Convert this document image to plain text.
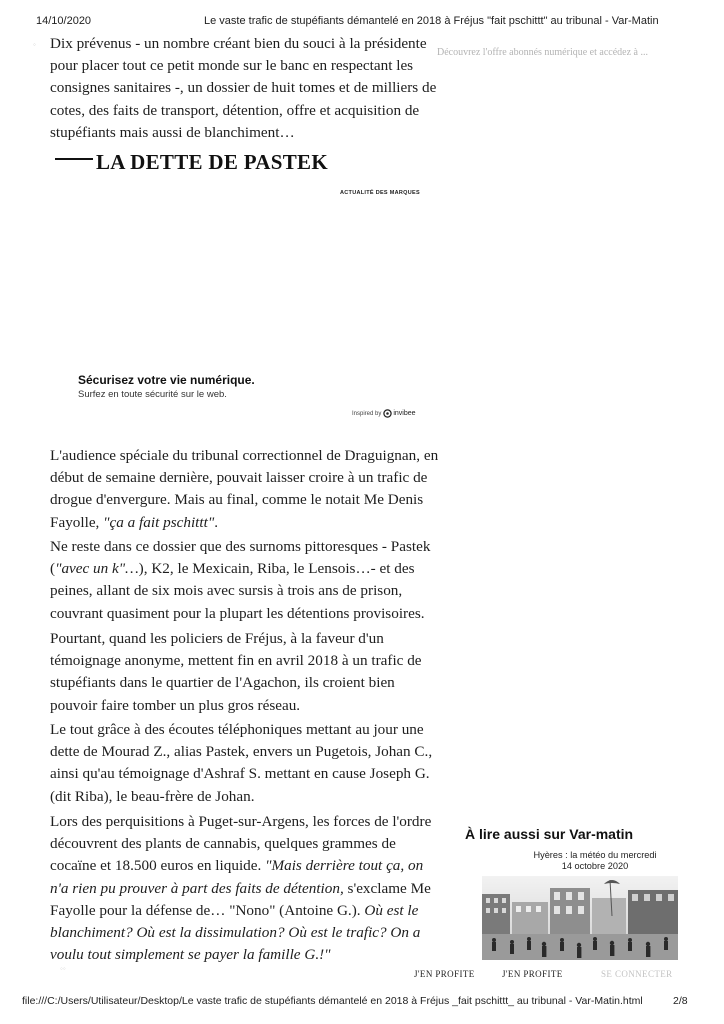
14/10/2020	Le vaste trafic de stupéfiants démantelé en 2018 à Fréjus "fait pschittt" au tribunal - Var-Matin
Découvrez l'offre abonnés numérique et accédez à ...
◦ Dix prévenus - un nombre créant bien du souci à la présidente pour placer tout ce petit monde sur le banc en respectant les consignes sanitaires -, un dossier de huit tomes et de milliers de cotes, des faits de transport, détention, offre et acquisition de stupéfiants mais aussi de blanchiment…
LA DETTE DE PASTEK
ACTUALITÉ DES MARQUES
Sécurisez votre vie numérique.
Surfez en toute sécurité sur le web.
Inspired by invibee
L'audience spéciale du tribunal correctionnel de Draguignan, en début de semaine dernière, pouvait laisser croire à un trafic de drogue d'envergure. Mais au final, comme le notait Me Denis Fayolle, "ça a fait pschittt".
Ne reste dans ce dossier que des surnoms pittoresques - Pastek ("avec un k"…), K2, le Mexicain, Riba, le Lensois…- et des peines, allant de six mois avec sursis à trois ans de prison, couvrant quasiment pour la plupart les détentions provisoires.
Pourtant, quand les policiers de Fréjus, à la faveur d'un témoignage anonyme, mettent fin en avril 2018 à un trafic de stupéfiants dans le quartier de l'Agachon, ils croient bien pouvoir faire tomber un plus gros réseau.
Le tout grâce à des écoutes téléphoniques mettant au jour une dette de Mourad Z., alias Pastek, envers un Pugetois, Johan C., ainsi qu'au témoignage d'Ashraf S. mettant en cause Joseph G. (dit Riba), le beau-frère de Johan.
Lors des perquisitions à Puget-sur-Argens, les forces de l'ordre découvrent des plants de cannabis, quelques grammes de cocaïne et 18.500 euros en liquide. "Mais derrière tout ça, on n'a rien pu prouver à part des faits de détention, s'exclame Me Fayolle pour la défense de… "Nono" (Antoine G.). Où est le blanchiment? Où est la dissimulation? Où est le trafic? On a voulu tout simplement se payer la famille G.!"
À lire aussi sur Var-matin
Hyères : la météo du mercredi 14 octobre 2020
◦◦
J'EN PROFITE	J'EN PROFITE	SE CONNECTER
file:///C:/Users/Utilisateur/Desktop/Le vaste trafic de stupéfiants démantelé en 2018 à Fréjus _fait pschittt_ au tribunal - Var-Matin.html	2/8
